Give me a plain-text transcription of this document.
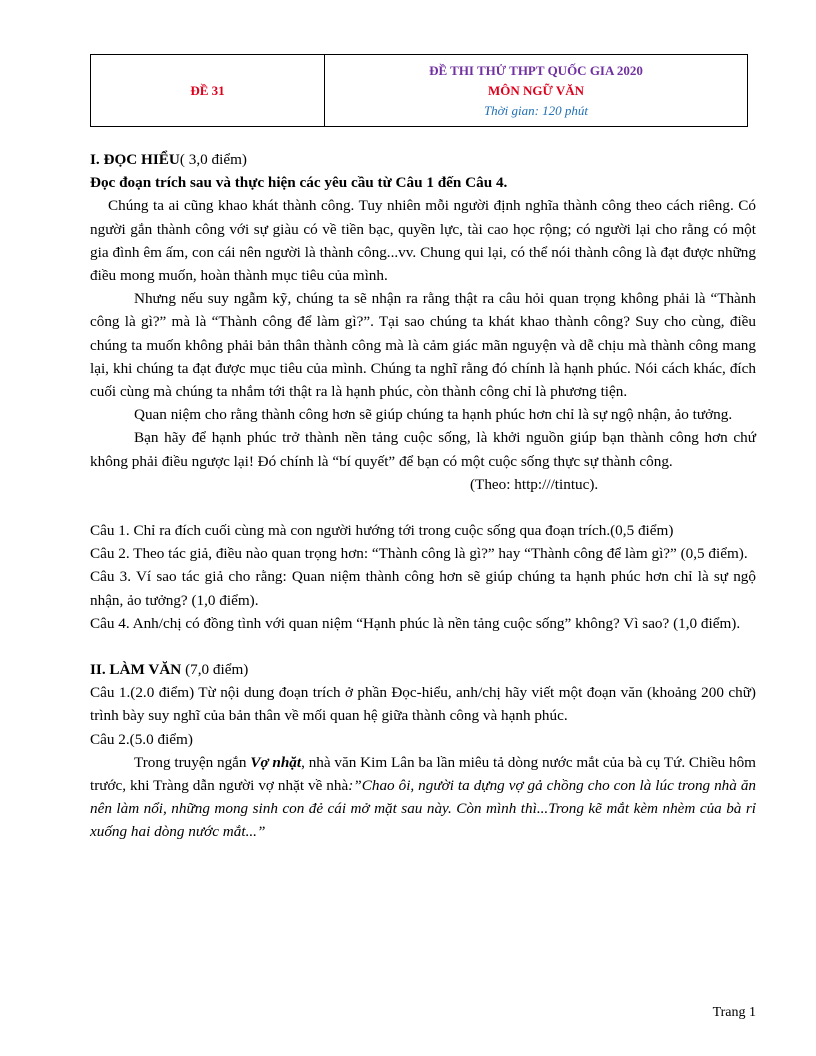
ĐỀ 31
ĐỀ THI THỬ THPT QUỐC GIA 2020
MÔN NGỮ VĂN
Thời gian: 120 phút

I. ĐỌC HIỂU( 3,0 điểm)

Đọc đoạn trích sau và thực hiện các yêu cầu từ Câu 1 đến Câu 4.

Chúng ta ai cũng khao khát thành công. Tuy nhiên mỗi người định nghĩa thành công theo cách riêng. Có người gắn thành công với sự giàu có về tiền bạc, quyền lực, tài cao học rộng; có người lại cho rằng có một gia đình êm ấm, con cái nên người là thành công...vv. Chung qui lại, có thể nói thành công là đạt được những điều mong muốn, hoàn thành mục tiêu của mình.

Nhưng nếu suy ngẫm kỹ, chúng ta sẽ nhận ra rằng thật ra câu hỏi quan trọng không phải là “Thành công là gì?” mà là “Thành công để làm gì?”. Tại sao chúng ta khát khao thành công? Suy cho cùng, điều chúng ta muốn không phải bản thân thành công mà là cảm giác mãn nguyện và dễ chịu mà thành công mang lại, khi chúng ta đạt được mục tiêu của mình. Chúng ta nghĩ rằng đó chính là hạnh phúc. Nói cách khác, đích cuối cùng mà chúng ta nhắm tới thật ra là hạnh phúc, còn thành công chỉ là phương tiện.

Quan niệm cho rằng thành công hơn sẽ giúp chúng ta hạnh phúc hơn chỉ là sự ngộ nhận, ảo tưởng.

Bạn hãy để hạnh phúc trở thành nền tảng cuộc sống, là khởi nguồn giúp bạn thành công hơn chứ không phải điều ngược lại! Đó chính là “bí quyết” để bạn có một cuộc sống thực sự thành công.

(Theo: http:///tintuc).

Câu 1. Chỉ ra đích cuối cùng mà con người hướng tới trong cuộc sống qua đoạn trích.(0,5 điểm)

Câu 2. Theo tác giả, điều nào quan trọng hơn: “Thành công là gì?” hay “Thành công để làm gì?” (0,5 điểm).

Câu 3. Ví sao tác giả cho rằng: Quan niệm thành công hơn sẽ giúp chúng ta hạnh phúc hơn chỉ là sự ngộ nhận, ảo tưởng? (1,0 điểm).

Câu 4. Anh/chị có đồng tình với quan niệm “Hạnh phúc là nền tảng cuộc sống” không? Vì sao? (1,0 điểm).

II. LÀM VĂN (7,0 điểm)

Câu 1.(2.0 điểm) Từ nội dung đoạn trích ở phần Đọc-hiểu, anh/chị hãy viết một đoạn văn (khoảng 200 chữ) trình bày suy nghĩ của bản thân về mối quan hệ giữa thành công và hạnh phúc.

Câu 2.(5.0 điểm)

Trong truyện ngắn Vợ nhặt, nhà văn Kim Lân ba lần miêu tả dòng nước mắt của bà cụ Tứ. Chiều hôm trước, khi Tràng dẫn người vợ nhặt về nhà:”Chao ôi, người ta dựng vợ gả chồng cho con là lúc trong nhà ăn nên làm nổi, những mong sinh con đẻ cái mở mặt sau này. Còn mình thì...Trong kẽ mắt kèm nhèm của bà rỉ xuống hai dòng nước mắt...”

Trang 1
